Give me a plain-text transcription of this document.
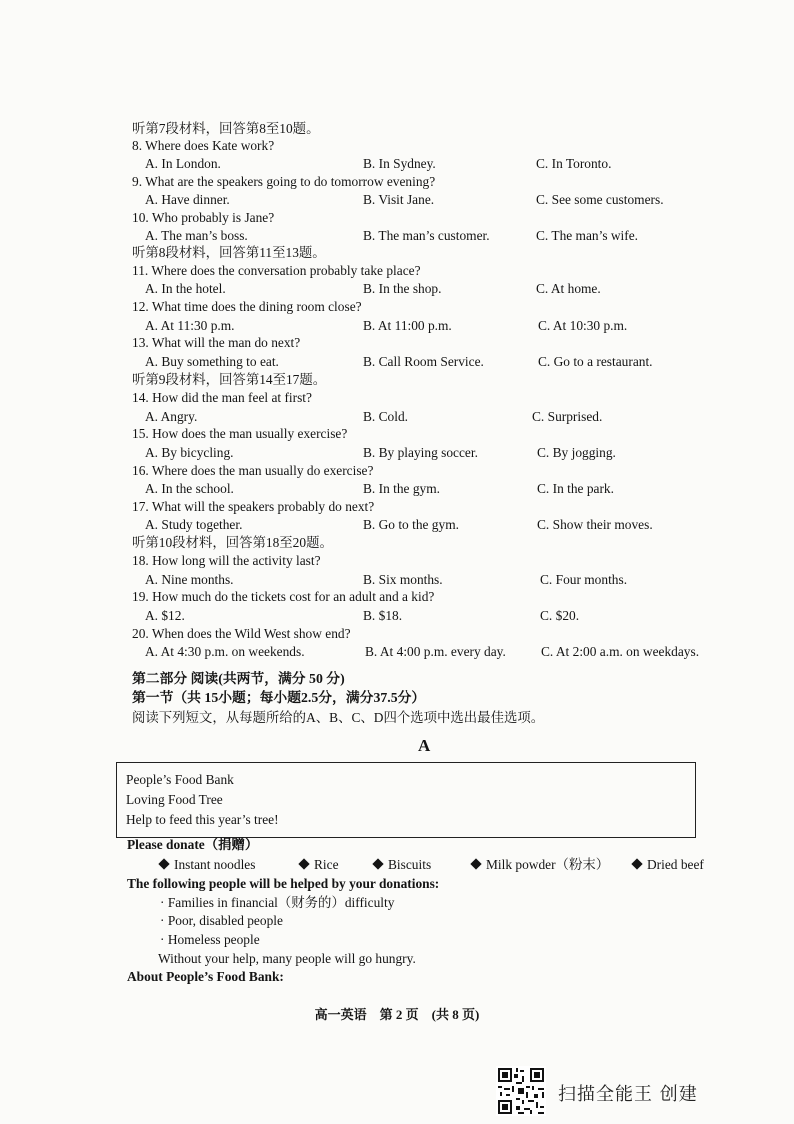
听第7段材料，回答第8至10题。
8. Where does Kate work?
A. In London.	B. In Sydney.	C. In Toronto.
9. What are the speakers going to do tomorrow evening?
A. Have dinner.	B. Visit Jane.	C. See some customers.
10. Who probably is Jane?
A. The man’s boss.	B. The man’s customer.	C. The man’s wife.
听第8段材料，回答第11至13题。
11. Where does the conversation probably take place?
A. In the hotel.	B. In the shop.	C. At home.
12. What time does the dining room close?
A. At 11:30 p.m.	B. At 11:00 p.m.	C. At 10:30 p.m.
13. What will the man do next?
A. Buy something to eat.	B. Call Room Service.	C. Go to a restaurant.
听第9段材料，回答第14至17题。
14. How did the man feel at first?
A. Angry.	B. Cold.	C. Surprised.
15. How does the man usually exercise?
A. By bicycling.	B. By playing soccer.	C. By jogging.
16. Where does the man usually do exercise?
A. In the school.	B. In the gym.	C. In the park.
17. What will the speakers probably do next?
A. Study together.	B. Go to the gym.	C. Show their moves.
听第10段材料，回答第18至20题。
18. How long will the activity last?
A. Nine months.	B. Six months.	C. Four months.
19. How much do the tickets cost for an adult and a kid?
A. $12.	B. $18.	C. $20.
20. When does the Wild West show end?
A. At 4:30 p.m. on weekends.	B. At 4:00 p.m. every day.	C. At 2:00 a.m. on weekdays.
第二部分 阅读(共两节，满分 50 分)
第一节（共 15小题；每小题2.5分，满分37.5分）
阅读下列短文，从每题所给的A、B、C、D四个选项中选出最佳选项。
A
People’s Food Bank
Loving Food Tree
Help to feed this year’s tree!
Please donate（捐赠）
Instant noodles	Rice	Biscuits	Milk powder（粉末）	Dried beef
The following people will be helped by your donations:
· Families in financial（财务的）difficulty
· Poor, disabled people
· Homeless people
Without your help, many people will go hungry.
About People’s Food Bank:
高一英语　第 2 页　(共 8 页)
扫描全能王 创建
